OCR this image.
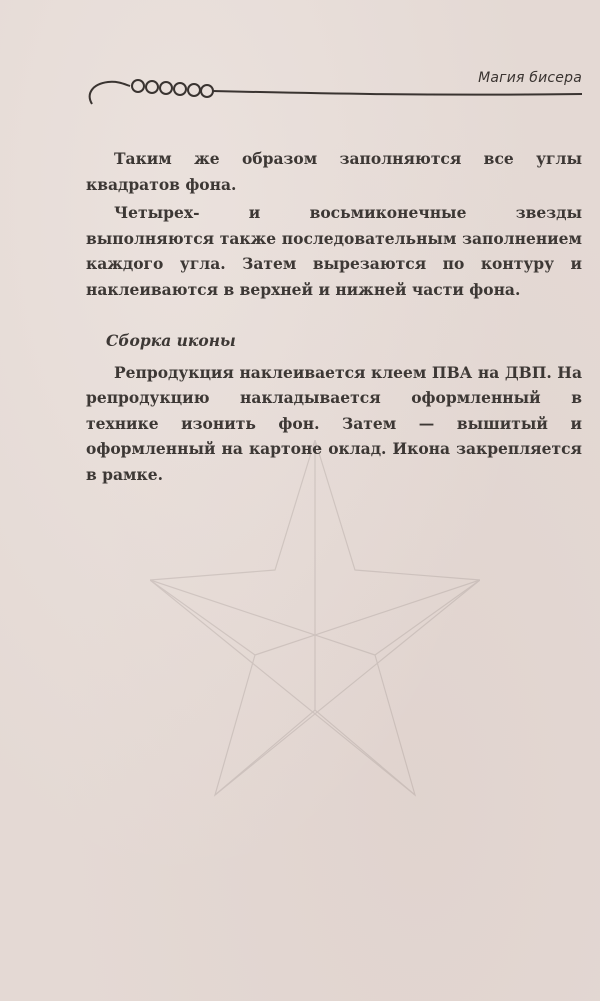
Магия бисера

Таким же образом заполняются все углы квадратов фона.

Четырех- и восьмиконечные звезды выполняются также последовательным заполнением каждого угла. Затем вырезаются по контуру и наклеиваются в верхней и нижней части фона.

Сборка иконы

Репродукция наклеивается клеем ПВА на ДВП. На репродукцию накладывается оформленный в технике изонить фон. Затем — вышитый и оформленный на картоне оклад. Икона закрепляется в рамке.
